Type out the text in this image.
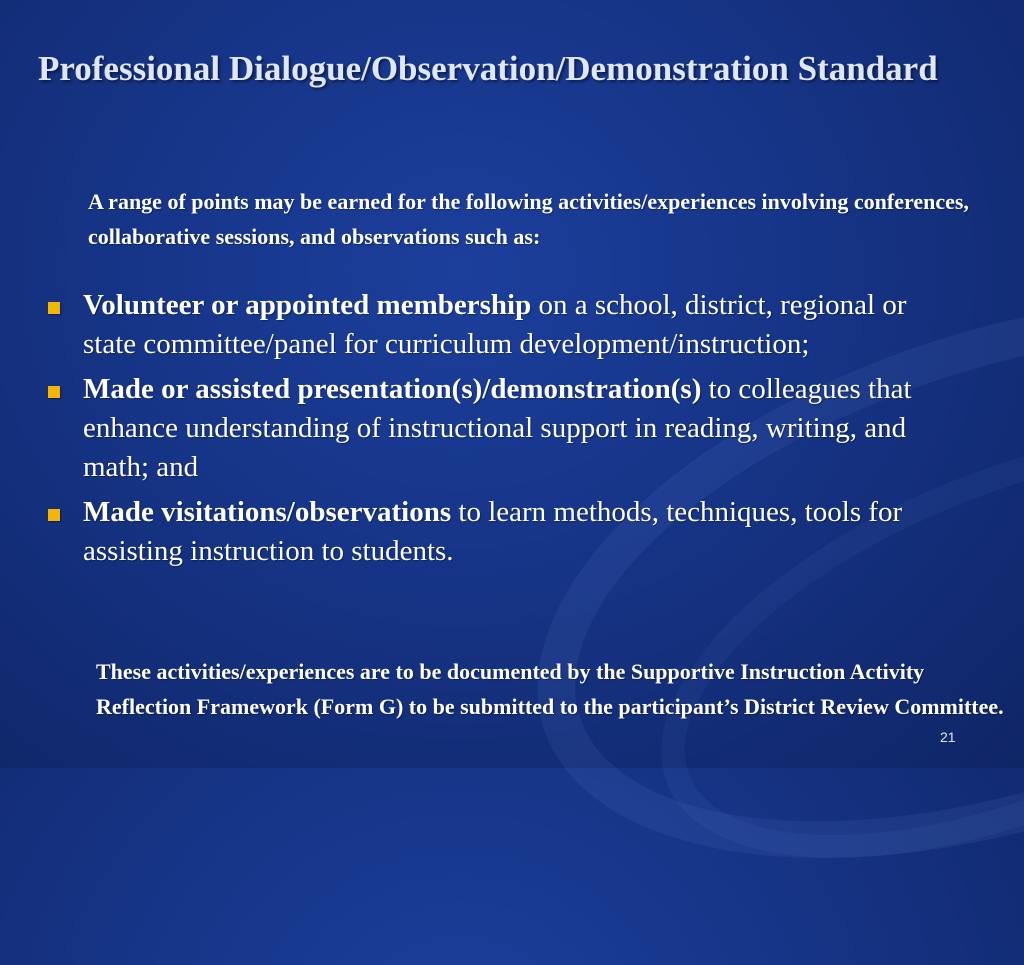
Professional Dialogue/Observation/Demonstration Standard
A range of points may be earned for the following activities/experiences involving conferences, collaborative sessions, and observations such as:
Volunteer or appointed membership on a school, district, regional or state committee/panel for curriculum development/instruction;
Made or assisted presentation(s)/demonstration(s) to colleagues that enhance understanding of instructional support in reading, writing, and math; and
Made visitations/observations to learn methods, techniques, tools for assisting instruction to students.
These activities/experiences are to be documented by the Supportive Instruction Activity Reflection Framework (Form G) to be submitted to the participant’s District Review Committee.
21
